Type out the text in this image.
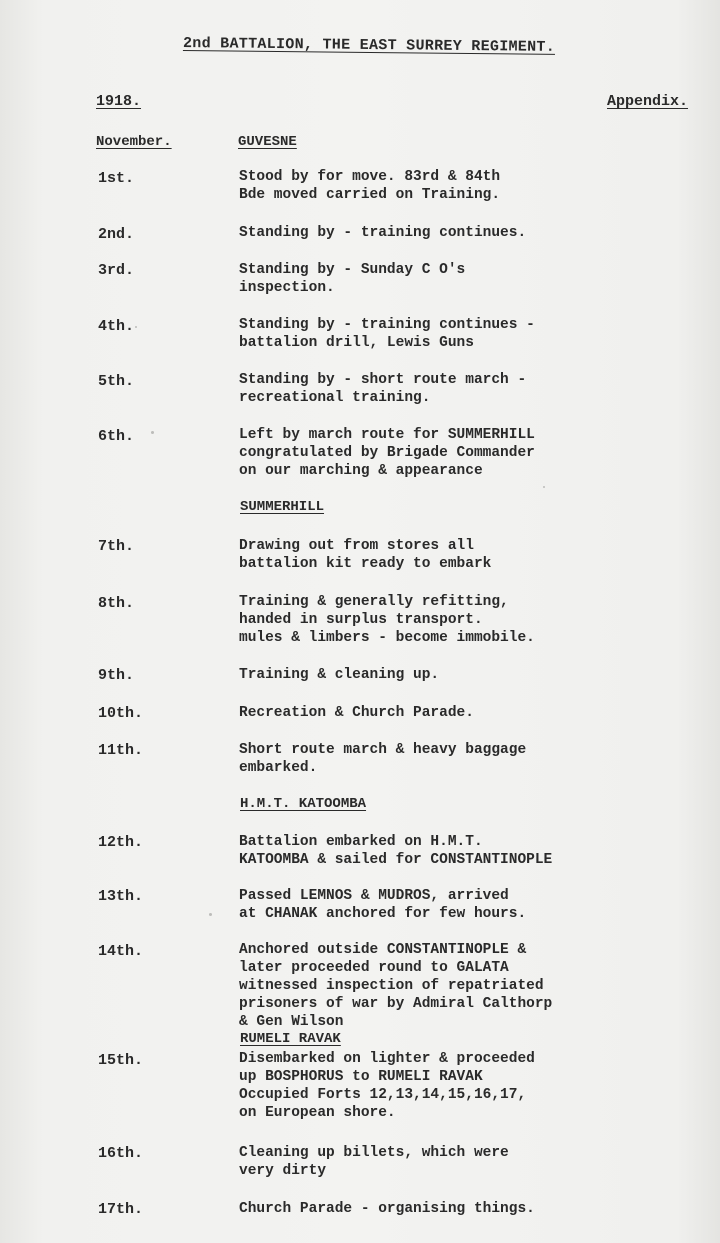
2nd BATTALION, THE EAST SURREY REGIMENT.
1918.	Appendix.
November.	GUVESNE
SUMMERHILL
H.M.T. KATOOMBA
RUMELI RAVAK
1st.	Stood by for move. 83rd & 84th
Bde moved carried on Training.
2nd.	Standing by - training continues.
3rd.	Standing by - Sunday C O's
inspection.
4th.	Standing by - training continues -
battalion drill, Lewis Guns
5th.	Standing by - short route march -
recreational training.
6th.	Left by march route for SUMMERHILL
congratulated by Brigade Commander
on our marching & appearance
7th.	Drawing out from stores all
battalion kit ready to embark
8th.	Training & generally refitting,
handed in surplus transport.
mules & limbers - become immobile.
9th.	Training & cleaning up.
10th.	Recreation & Church Parade.
11th.	Short route march & heavy baggage
embarked.
12th.	Battalion embarked on H.M.T.
KATOOMBA & sailed for CONSTANTINOPLE
13th.	Passed LEMNOS & MUDROS, arrived
at CHANAK anchored for few hours.
14th.	Anchored outside CONSTANTINOPLE &
later proceeded round to GALATA
witnessed inspection of repatriated
prisoners of war by Admiral Calthorp
& Gen Wilson
15th.	Disembarked on lighter & proceeded
up BOSPHORUS to RUMELI RAVAK
Occupied Forts 12,13,14,15,16,17,
on European shore.
16th.	Cleaning up billets, which were
very dirty
17th.	Church Parade - organising things.
